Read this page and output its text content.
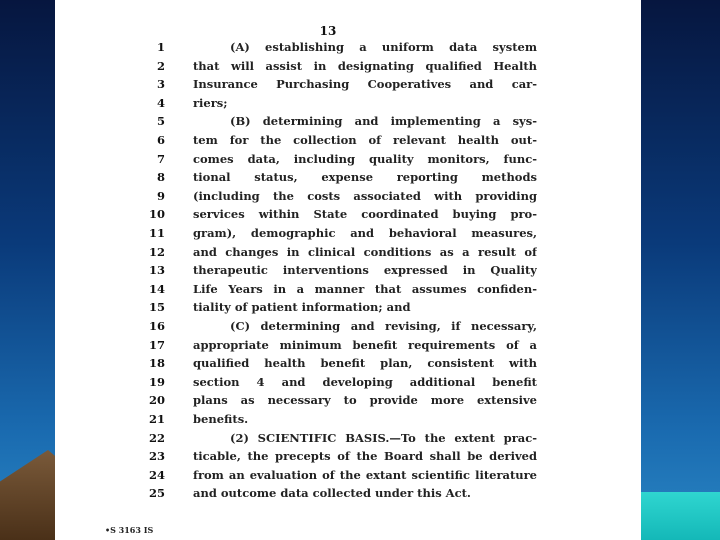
13
1	(A) establishing a uniform data system
2 that will assist in designating qualified Health
3 Insurance Purchasing Cooperatives and car-
4 riers;
5	(B) determining and implementing a sys-
6 tem for the collection of relevant health out-
7 comes data, including quality monitors, func-
8 tional status, expense reporting methods
9 (including the costs associated with providing
10 services within State coordinated buying pro-
11 gram), demographic and behavioral measures,
12 and changes in clinical conditions as a result of
13 therapeutic interventions expressed in Quality
14 Life Years in a manner that assumes confiden-
15 tiality of patient information; and
16	(C) determining and revising, if necessary,
17 appropriate minimum benefit requirements of a
18 qualified health benefit plan, consistent with
19 section 4 and developing additional benefit
20 plans as necessary to provide more extensive
21 benefits.
22	(2) SCIENTIFIC BASIS.—To the extent prac-
23 ticable, the precepts of the Board shall be derived
24 from an evaluation of the extant scientific literature
25 and outcome data collected under this Act.
•S 3163 IS
